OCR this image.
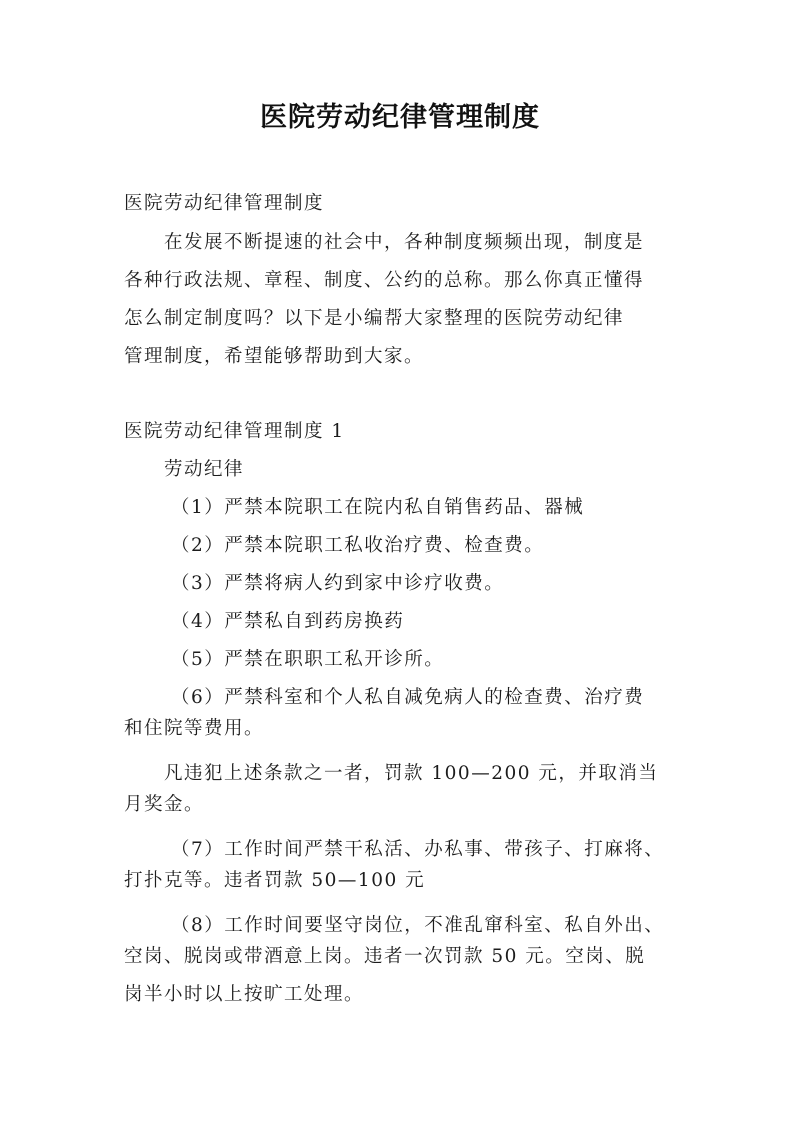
医院劳动纪律管理制度
医院劳动纪律管理制度
在发展不断提速的社会中，各种制度频频出现，制度是
各种行政法规、章程、制度、公约的总称。那么你真正懂得
怎么制定制度吗？以下是小编帮大家整理的医院劳动纪律
管理制度，希望能够帮助到大家。
医院劳动纪律管理制度 1
劳动纪律
（1）严禁本院职工在院内私自销售药品、器械
（2）严禁本院职工私收治疗费、检查费。
（3）严禁将病人约到家中诊疗收费。
（4）严禁私自到药房换药
（5）严禁在职职工私开诊所。
（6）严禁科室和个人私自减免病人的检查费、治疗费
和住院等费用。
凡违犯上述条款之一者，罚款 100—200 元，并取消当
月奖金。
（7）工作时间严禁干私活、办私事、带孩子、打麻将、
打扑克等。违者罚款 50—100 元
（8）工作时间要坚守岗位，不准乱窜科室、私自外出、
空岗、脱岗或带酒意上岗。违者一次罚款 50 元。空岗、脱
岗半小时以上按旷工处理。
